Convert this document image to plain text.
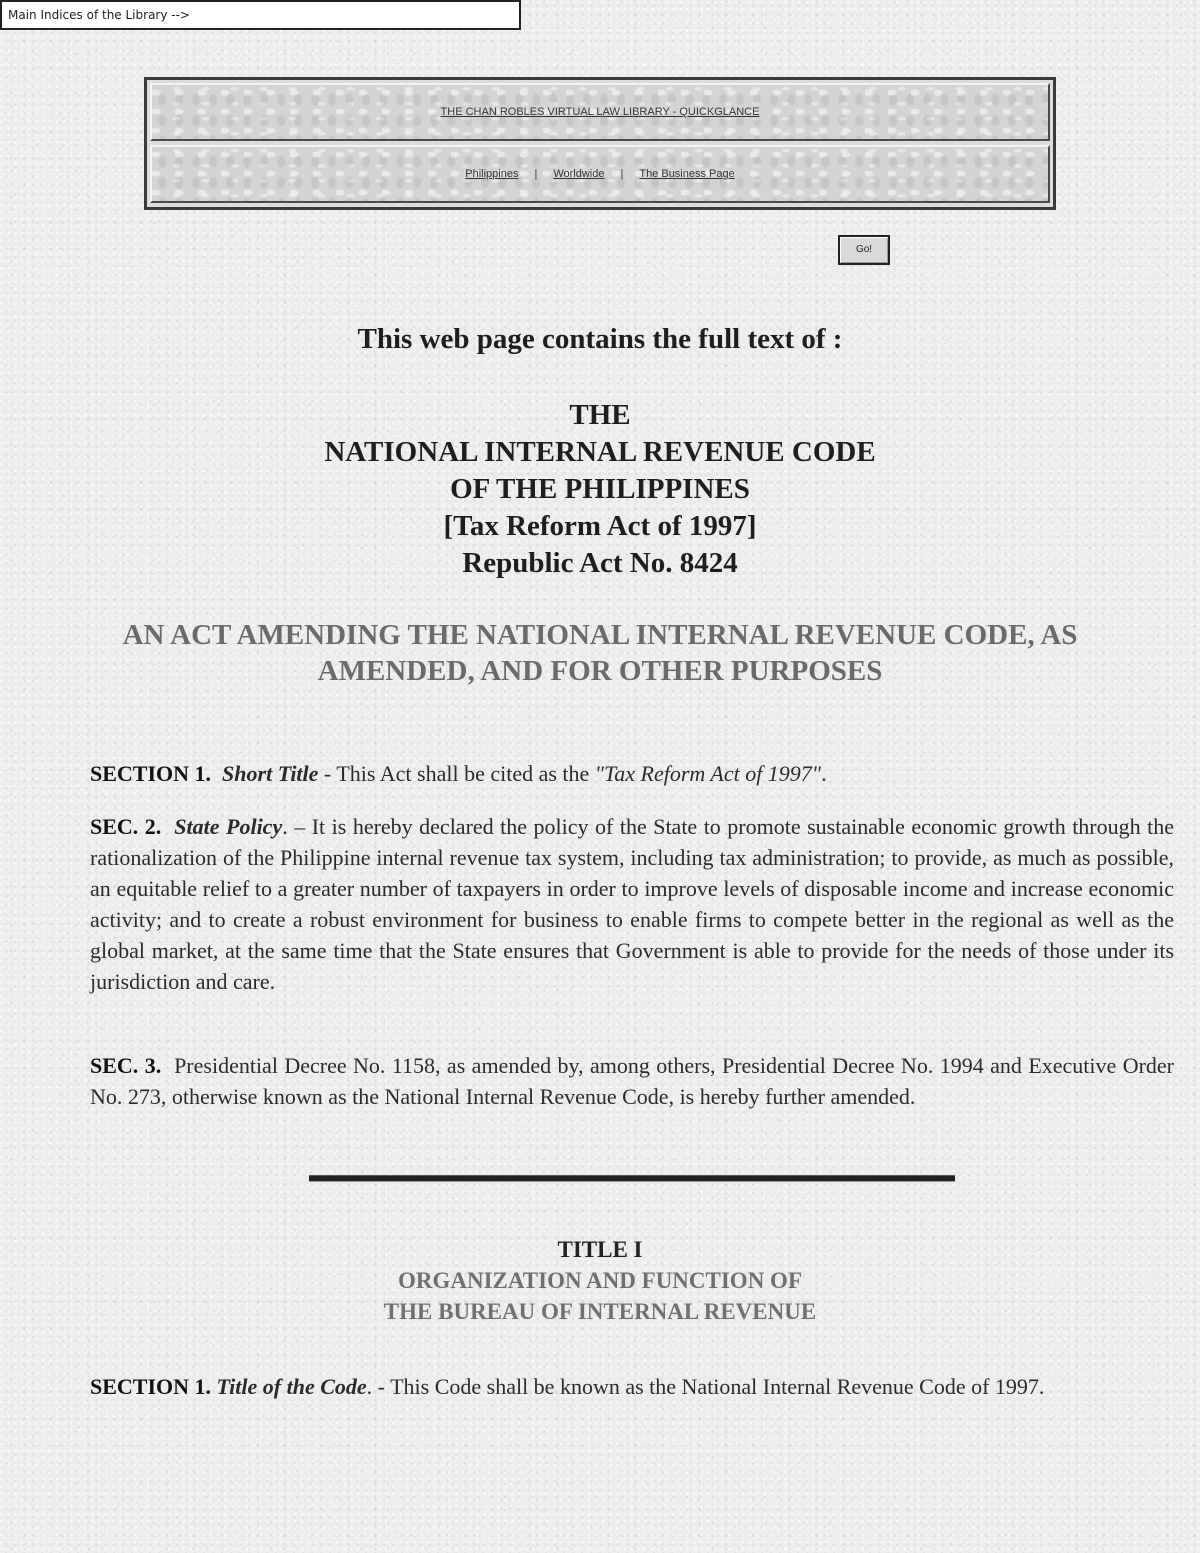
THE CHAN ROBLES VIRTUAL LAW LIBRARY - QUICKGLANCE
Philippines | Worldwide | The Business Page
Main Indices of the Library -->
Go!
This web page contains the full text of :
THE
NATIONAL INTERNAL REVENUE CODE
OF THE PHILIPPINES
[Tax Reform Act of 1997]
Republic Act No. 8424
AN ACT AMENDING THE NATIONAL INTERNAL REVENUE CODE, AS AMENDED, AND FOR OTHER PURPOSES

SECTION 1. Short Title - This Act shall be cited as the "Tax Reform Act of 1997".

SEC. 2. State Policy. – It is hereby declared the policy of the State to promote sustainable economic growth through the rationalization of the Philippine internal revenue tax system, including tax administration; to provide, as much as possible, an equitable relief to a greater number of taxpayers in order to improve levels of disposable income and increase economic activity; and to create a robust environment for business to enable firms to compete better in the regional as well as the global market, at the same time that the State ensures that Government is able to provide for the needs of those under its jurisdiction and care.

SEC. 3. Presidential Decree No. 1158, as amended by, among others, Presidential Decree No. 1994 and Executive Order No. 273, otherwise known as the National Internal Revenue Code, is hereby further amended.

TITLE I
ORGANIZATION AND FUNCTION OF
THE BUREAU OF INTERNAL REVENUE

SECTION 1. Title of the Code. - This Code shall be known as the National Internal Revenue Code of 1997.
